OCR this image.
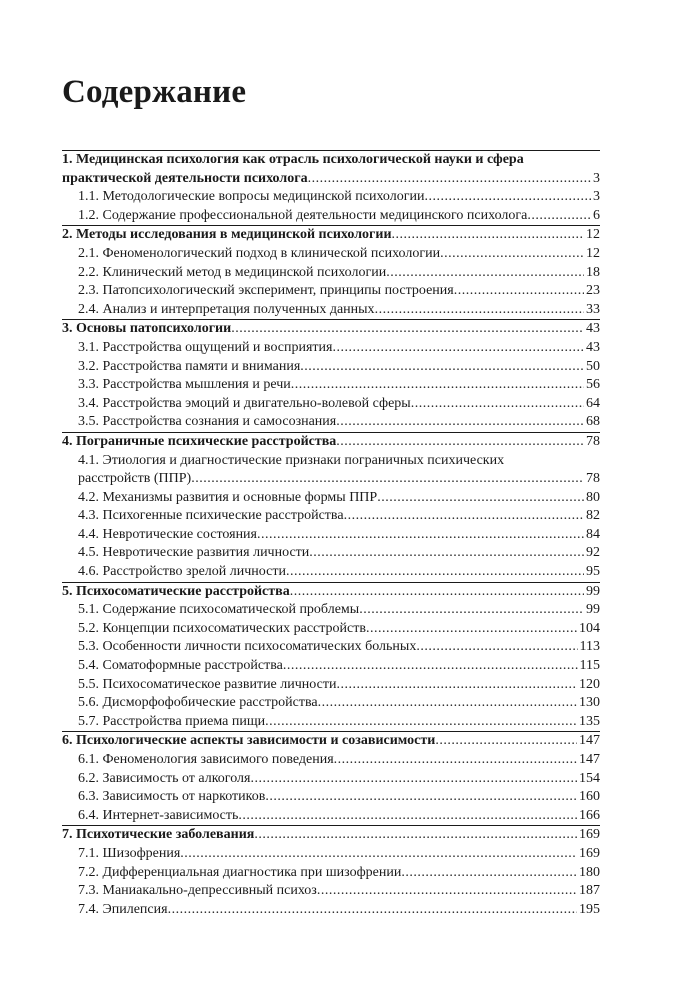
Содержание
1. Медицинская психология как отрасль психологической науки и сфера
практической деятельности психолога .....	3
1.1. Методологические вопросы медицинской психологии .....	3
1.2. Содержание профессиональной деятельности медицинского психолога .....	6
2. Методы исследования в медицинской психологии .....	12
2.1. Феноменологический подход в клинической психологии .....	12
2.2. Клинический метод в медицинской психологии .....	18
2.3. Патопсихологический эксперимент, принципы построения .....	23
2.4. Анализ и интерпретация полученных данных .....	33
3. Основы патопсихологии .....	43
3.1. Расстройства ощущений и восприятия .....	43
3.2. Расстройства памяти и внимания .....	50
3.3. Расстройства мышления и речи .....	56
3.4. Расстройства эмоций и двигательно-волевой сферы .....	64
3.5. Расстройства сознания и самосознания .....	68
4. Пограничные психические расстройства .....	78
4.1. Этиология и диагностические признаки пограничных психических
расстройств (ППР) .....	78
4.2. Механизмы развития и основные формы ППР .....	80
4.3. Психогенные психические расстройства .....	82
4.4. Невротические состояния .....	84
4.5. Невротические развития личности .....	92
4.6. Расстройство зрелой личности .....	95
5. Психосоматические расстройства .....	99
5.1. Содержание психосоматической проблемы .....	99
5.2. Концепции психосоматических расстройств .....	104
5.3. Особенности личности психосоматических больных .....	113
5.4. Соматоформные расстройства .....	115
5.5. Психосоматическое развитие личности .....	120
5.6. Дисморфофобические расстройства .....	130
5.7. Расстройства приема пищи .....	135
6. Психологические аспекты зависимости и созависимости .....	147
6.1. Феноменология зависимого поведения .....	147
6.2. Зависимость от алкоголя .....	154
6.3. Зависимость от наркотиков .....	160
6.4. Интернет-зависимость .....	166
7. Психотические заболевания .....	169
7.1. Шизофрения .....	169
7.2. Дифференциальная диагностика при шизофрении .....	180
7.3. Маниакально-депрессивный психоз .....	187
7.4. Эпилепсия .....	195
